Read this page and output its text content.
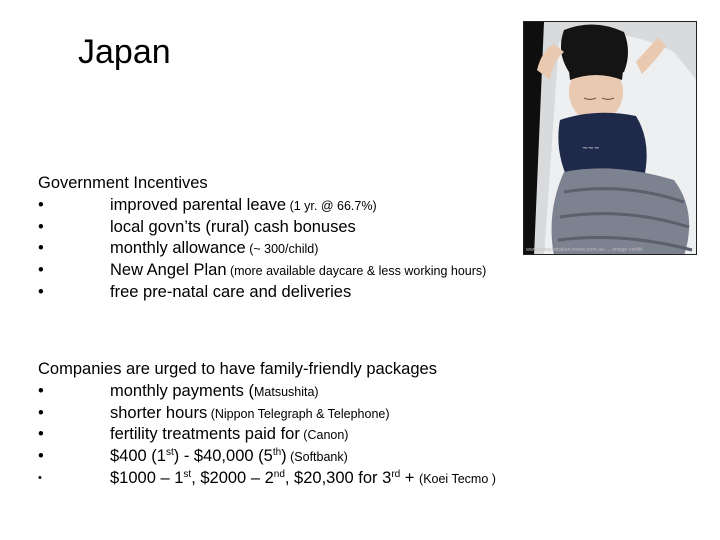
Japan
~~~
www.theaustralian.news.com.au ... image credit
Government Incentives
•	improved parental leave (1 yr. @ 66.7%)
•	local govn’ts (rural) cash bonuses
•	monthly allowance (~ 300/child)
•	New Angel Plan (more available daycare & less working hours)
•	free pre-natal care and deliveries
Companies are urged to have family-friendly packages
•	monthly payments (Matsushita)
•	shorter hours (Nippon Telegraph & Telephone)
•	fertility treatments paid for (Canon)
•	$400 (1st) - $40,000 (5th) (Softbank)
•	$1000 – 1st, $2000 – 2nd, $20,300 for 3rd + (Koei Tecmo )
